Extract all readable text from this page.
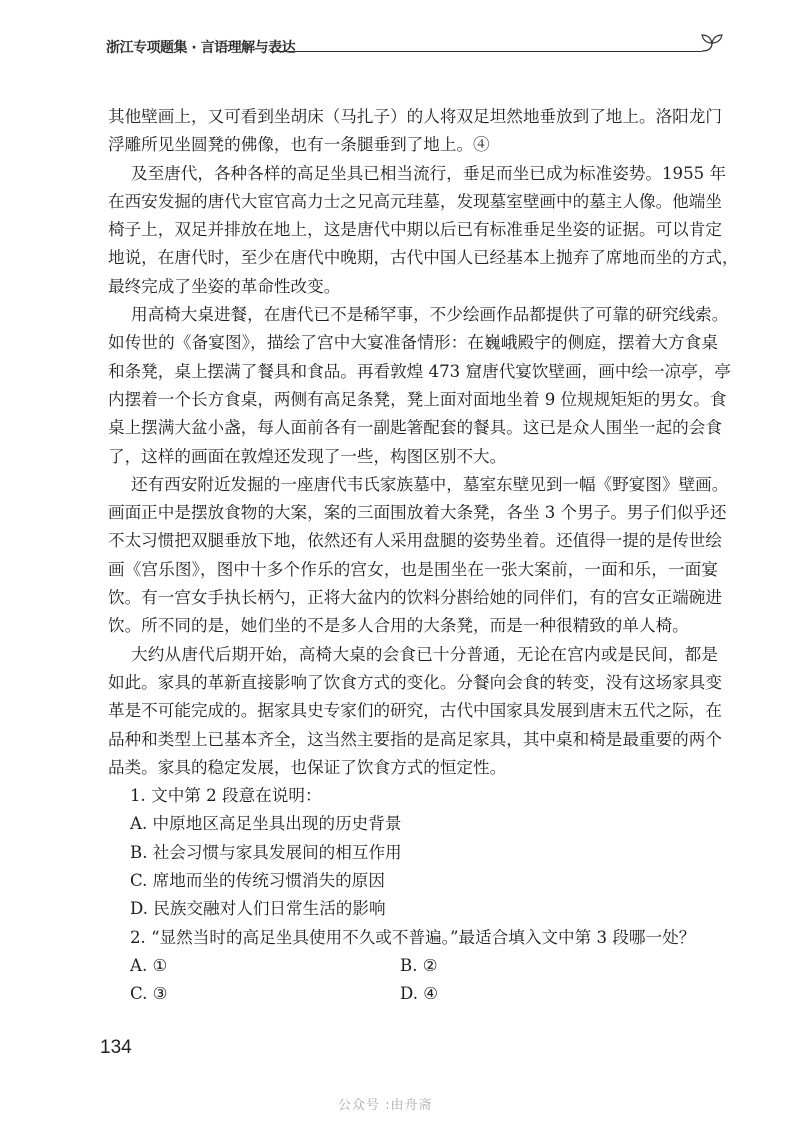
浙江专项题集 · 言语理解与表达
其他壁画上，又可看到坐胡床（马扎子）的人将双足坦然地垂放到了地上。洛阳龙门
浮雕所见坐圆凳的佛像，也有一条腿垂到了地上。④
及至唐代，各种各样的高足坐具已相当流行，垂足而坐已成为标准姿势。1955 年
在西安发掘的唐代大宦官高力士之兄高元珪墓，发现墓室壁画中的墓主人像。他端坐
椅子上，双足并排放在地上，这是唐代中期以后已有标准垂足坐姿的证据。可以肯定
地说，在唐代时，至少在唐代中晚期，古代中国人已经基本上抛弃了席地而坐的方式，
最终完成了坐姿的革命性改变。
用高椅大桌进餐，在唐代已不是稀罕事，不少绘画作品都提供了可靠的研究线索。
如传世的《备宴图》，描绘了宫中大宴准备情形：在巍峨殿宇的侧庭，摆着大方食桌
和条凳，桌上摆满了餐具和食品。再看敦煌 473 窟唐代宴饮壁画，画中绘一凉亭，亭
内摆着一个长方食桌，两侧有高足条凳，凳上面对面地坐着 9 位规规矩矩的男女。食
桌上摆满大盆小盏，每人面前各有一副匙箸配套的餐具。这已是众人围坐一起的会食
了，这样的画面在敦煌还发现了一些，构图区别不大。
还有西安附近发掘的一座唐代韦氏家族墓中，墓室东壁见到一幅《野宴图》壁画。
画面正中是摆放食物的大案，案的三面围放着大条凳，各坐 3 个男子。男子们似乎还
不太习惯把双腿垂放下地，依然还有人采用盘腿的姿势坐着。还值得一提的是传世绘
画《宫乐图》，图中十多个作乐的宫女，也是围坐在一张大案前，一面和乐，一面宴
饮。有一宫女手执长柄勺，正将大盆内的饮料分斟给她的同伴们，有的宫女正端碗进
饮。所不同的是，她们坐的不是多人合用的大条凳，而是一种很精致的单人椅。
大约从唐代后期开始，高椅大桌的会食已十分普通，无论在宫内或是民间，都是
如此。家具的革新直接影响了饮食方式的变化。分餐向会食的转变，没有这场家具变
革是不可能完成的。据家具史专家们的研究，古代中国家具发展到唐末五代之际，在
品种和类型上已基本齐全，这当然主要指的是高足家具，其中桌和椅是最重要的两个
品类。家具的稳定发展，也保证了饮食方式的恒定性。
1. 文中第 2 段意在说明：
A. 中原地区高足坐具出现的历史背景
B. 社会习惯与家具发展间的相互作用
C. 席地而坐的传统习惯消失的原因
D. 民族交融对人们日常生活的影响
2. “显然当时的高足坐具使用不久或不普遍。”最适合填入文中第 3 段哪一处？
A. ①	B. ②
C. ③	D. ④
134
公众号 :由舟斋
